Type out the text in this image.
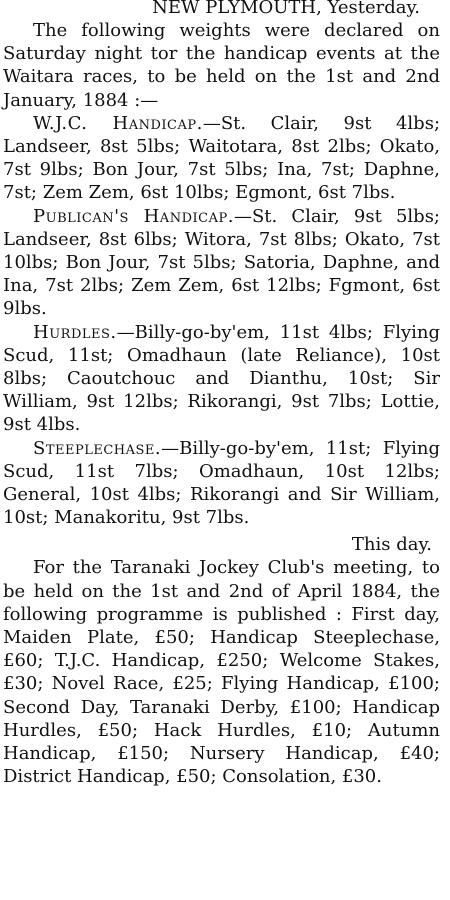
NEW PLYMOUTH, Yesterday.

The following weights were declared on Saturday night tor the handicap events at the Waitara races, to be held on the 1st and 2nd January, 1884 :—

W.J.C. Handicap.—St. Clair, 9st 4lbs; Landseer, 8st 5lbs; Waitotara, 8st 2lbs; Okato, 7st 9lbs; Bon Jour, 7st 5lbs; Ina, 7st; Daphne, 7st; Zem Zem, 6st 10lbs; Egmont, 6st 7lbs.

Publican's Handicap.—St. Clair, 9st 5lbs; Landseer, 8st 6lbs; Witora, 7st 8lbs; Okato, 7st 10lbs; Bon Jour, 7st 5lbs; Satoria, Daphne, and Ina, 7st 2lbs; Zem Zem, 6st 12lbs; Fgmont, 6st 9lbs.

Hurdles.—Billy-go-by'em, 11st 4lbs; Flying Scud, 11st; Omadhaun (late Reliance), 10st 8lbs; Caoutchouc and Dianthu, 10st; Sir William, 9st 12lbs; Rikorangi, 9st 7lbs; Lottie, 9st 4lbs.

Steeplechase.—Billy-go-by'em, 11st; Flying Scud, 11st 7lbs; Omadhaun, 10st 12lbs; General, 10st 4lbs; Rikorangi and Sir William, 10st; Manakoritu, 9st 7lbs.

This day.

For the Taranaki Jockey Club's meeting, to be held on the 1st and 2nd of April 1884, the following programme is published : First day, Maiden Plate, £50; Handicap Steeplechase, £60; T.J.C. Handicap, £250; Welcome Stakes, £30; Novel Race, £25; Flying Handicap, £100; Second Day, Taranaki Derby, £100; Handicap Hurdles, £50; Hack Hurdles, £10; Autumn Handicap, £150; Nursery Handicap, £40; District Handicap, £50; Consolation, £30.
